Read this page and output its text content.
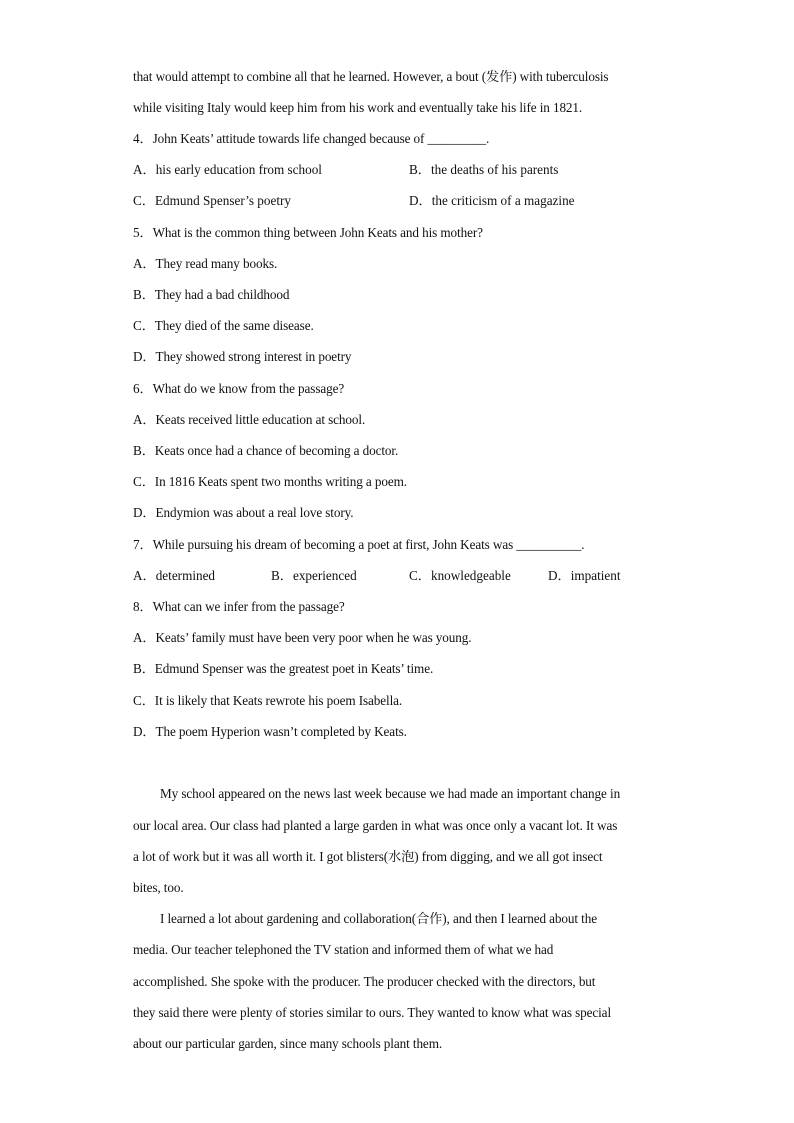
that would attempt to combine all that he learned. However, a bout (发作) with tuberculosis
while visiting Italy would keep him from his work and eventually take his life in 1821.
4．John Keats’ attitude towards life changed because of _________.
A．his early education from school	B．the deaths of his parents
C．Edmund Spenser’s poetry	D．the criticism of a magazine
5．What is the common thing between John Keats and his mother?
A．They read many books.
B．They had a bad childhood
C．They died of the same disease.
D．They showed strong interest in poetry
6．What do we know from the passage?
A．Keats received little education at school.
B．Keats once had a chance of becoming a doctor.
C．In 1816 Keats spent two months writing a poem.
D．Endymion was about a real love story.
7．While pursuing his dream of becoming a poet at first, John Keats was __________.
A．determined	B．experienced	C．knowledgeable	D．impatient
8．What can we infer from the passage?
A．Keats’ family must have been very poor when he was young.
B．Edmund Spenser was the greatest poet in Keats’ time.
C．It is likely that Keats rewrote his poem Isabella.
D．The poem Hyperion wasn’t completed by Keats.
My school appeared on the news last week because we had made an important change in
our local area. Our class had planted a large garden in what was once only a vacant lot. It was
a lot of work but it was all worth it. I got blisters(水泡) from digging, and we all got insect
bites, too.
I learned a lot about gardening and collaboration(合作), and then I learned about the
media. Our teacher telephoned the TV station and informed them of what we had
accomplished. She spoke with the producer. The producer checked with the directors, but
they said there were plenty of stories similar to ours. They wanted to know what was special
about our particular garden, since many schools plant them.
